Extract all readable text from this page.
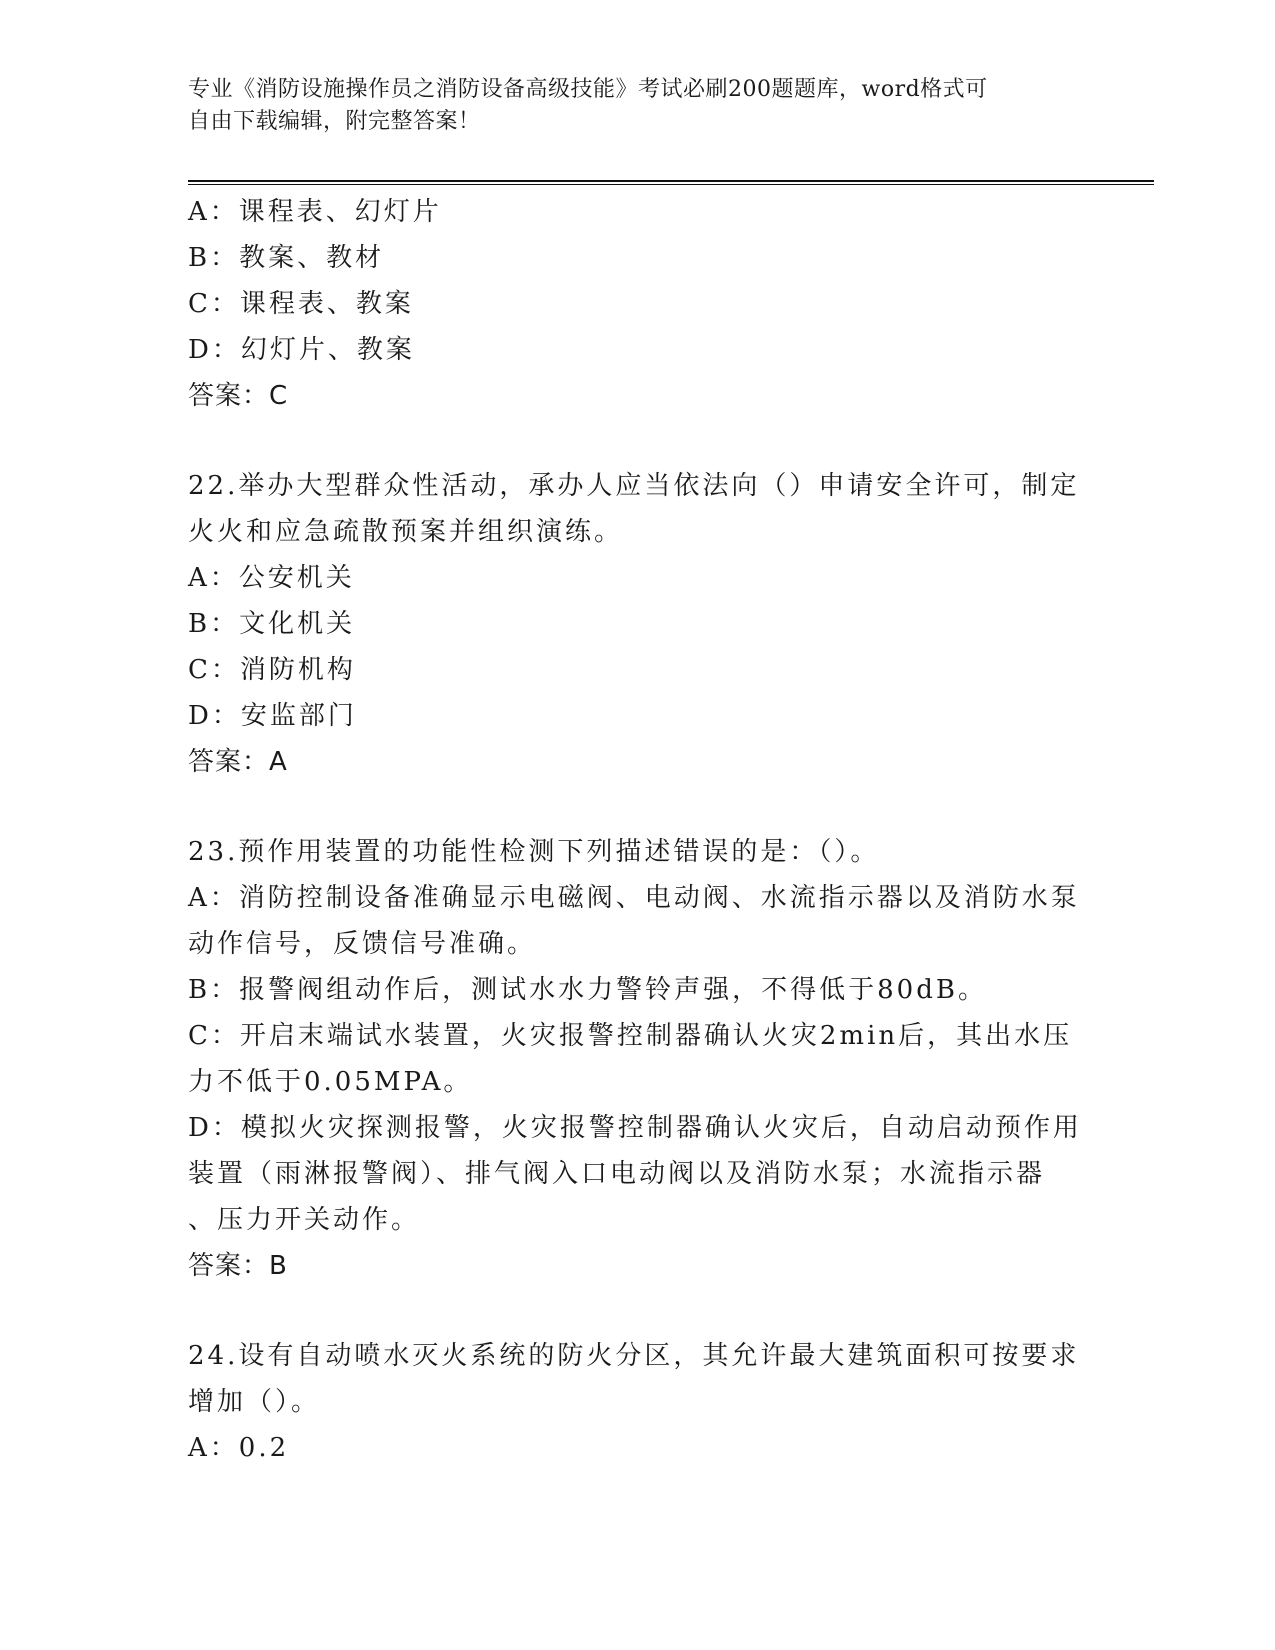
专业《消防设施操作员之消防设备高级技能》考试必刷200题题库，word格式可
自由下载编辑，附完整答案！
A：课程表、幻灯片
B：教案、教材
C：课程表、教案
D：幻灯片、教案
答案：C
22.举办大型群众性活动，承办人应当依法向（）申请安全许可，制定
火火和应急疏散预案并组织演练。
A：公安机关
B：文化机关
C：消防机构
D：安监部门
答案：A
23.预作用装置的功能性检测下列描述错误的是：（）。
A：消防控制设备准确显示电磁阀、电动阀、水流指示器以及消防水泵
动作信号，反馈信号准确。
B：报警阀组动作后，测试水水力警铃声强，不得低于80dB。
C：开启末端试水装置，火灾报警控制器确认火灾2min后，其出水压
力不低于0.05MPA。
D：模拟火灾探测报警，火灾报警控制器确认火灾后，自动启动预作用
装置（雨淋报警阀）、排气阀入口电动阀以及消防水泵；水流指示器
、压力开关动作。
答案：B
24.设有自动喷水灭火系统的防火分区，其允许最大建筑面积可按要求
增加（）。
A：0.2
